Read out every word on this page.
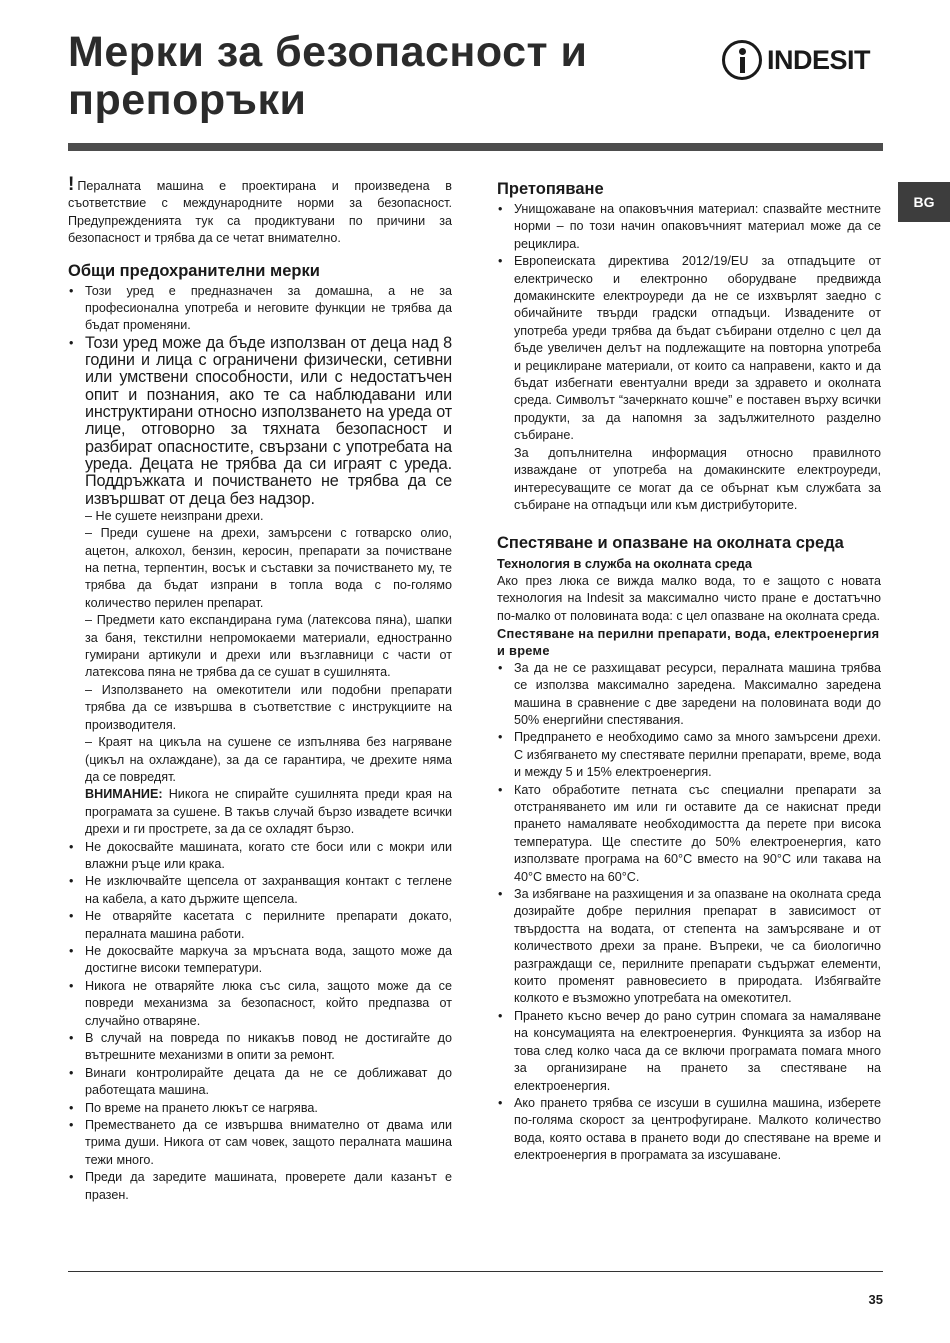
Мерки за безопасност и препоръки
INDESIT
BG

! Пералната машина е проектирана и произведена в съответствие с международните норми за безопасност. Предупрежденията тук са продиктувани по причини за безопасност и трябва да се четат внимателно.

Общи предохранителни мерки
• Този уред е предназначен за домашна, а не за професионална употреба и неговите функции не трябва да бъдат променяни.
• Този уред може да бъде използван от деца над 8 години и лица с ограничени физически, сетивни или умствени способности, или с недостатъчен опит и познания, ако те са наблюдавани или инструктирани относно използването на уреда от лице, отговорно за тяхната безопасност и разбират опасностите, свързани с употребата на уреда. Децата не трябва да си играят с уреда. Поддръжката и почистването не трябва да се извършват от деца без надзор.

– Не сушете неизпрани дрехи.

– Преди сушене на дрехи, замърсени с готварско олио, ацетон, алкохол, бензин, керосин, препарати за почистване на петна, терпентин, восък и съставки за почистването му, те трябва да бъдат изпрани в топла вода с по-голямо количество перилен препарат.

– Предмети като експандирана гума (латексова пяна), шапки за баня, текстилни непромокаеми материали, едностранно гумирани артикули и дрехи или възглавници с части от латексова пяна не трябва да се сушат в сушилнята.

– Използването на омекотители или подобни препарати трябва да се извършва в съответствие с инструкциите на производителя.

– Краят на цикъла на сушене се изпълнява без нагряване (цикъл на охлаждане), за да се гарантира, че дрехите няма да се повредят.

ВНИМАНИЕ: Никога не спирайте сушилнята преди края на програмата за сушене. В такъв случай бързо извадете всички дрехи и ги прострете, за да се охладят бързо.

• Не докосвайте машината, когато сте боси или с мокри или влажни ръце или крака.
• Не изключвайте щепсела от захранващия контакт с теглене на кабела, а като държите щепсела.
• Не отваряйте касетата с перилните препарати докато, пералната машина работи.
• Не докосвайте маркуча за мръсната вода, защото може да достигне високи температури.
• Никога не отваряйте люка със сила, защото може да се повреди механизма за безопасност, който предпазва от случайно отваряне.
• В случай на повреда по никакъв повод не достигайте до вътрешните механизми в опити за ремонт.
• Винаги контролирайте децата да не се доближават до работещата машина.
• По време на прането люкът се нагрява.
• Преместването да се извършва внимателно от двама или трима души. Никога от сам човек, защото пералната машина тежи много.
• Преди да заредите машината, проверете дали казанът е празен.
Претопяване
• Унищожаване на опаковъчния материал: спазвайте местните норми – по този начин опаковъчният материал може да се рециклира.
• Европеиската директива 2012/19/EU за отпадъците от електрическо и електронно оборудване предвижда домакинските електроуреди да не се изхвърлят заедно с обичайните твърди градски отпадъци. Извадените от употреба уреди трябва да бъдат събирани отделно с цел да бъде увеличен делът на подлежащите на повторна употреба и рециклиране материали, от които са направени, както и да бъдат избегнати евентуални вреди за здравето и околната среда. Символът “зачеркнато кошче” е поставен върху всички продукти, за да напомня за задължителното разделно събиране.

За допълнителна информация относно правилното изваждане от употреба на домакинските електроуреди, интересуващите се могат да се обърнат към службата за събиране на отпадъци или към дистрибуторите.

Спестяване и опазване на околната среда
Технология в служба на околната среда

Ако през люка се вижда малко вода, то е защото с новата технология на Indesit за максимално чисто пране е достатъчно по-малко от половината вода: с цел опазване на околната среда.

Спестяване на перилни препарати, вода, електроенергия и време
• За да не се разхищават ресурси, пералната машина трябва се използва максимално заредена. Максимално заредена машина в сравнение с две заредени на половината води до 50% енергийни спестявания.
• Предпрането е необходимо само за много замърсени дрехи. С избягването му спестявате перилни препарати, време, вода и между 5 и 15% електроенергия.
• Като обработите петната със специални препарати за отстраняването им или ги оставите да се накиснат преди прането намалявате необходимостта да перете при висока температура. Ще спестите до 50% електроенергия, като използвате програма на 60°C вместо на 90°C или такава на 40°C вместо на 60°C.
• За избягване на разхищения и за опазване на околната среда дозирайте добре перилния препарат в зависимост от твърдостта на водата, от степента на замърсяване и от количеството дрехи за пране. Въпреки, че са биологично разграждащи се, перилните препарати съдържат елементи, които променят равновесието в природата. Избягвайте колкото е възможно употребата на омекотител.
• Прането късно вечер до рано сутрин спомага за намаляване на консумацията на електроенергия. Функцията за избор на това след колко часа да се включи програмата помага много за организиране на прането за спестяване на електроенергия.
• Ако прането трябва се изсуши в сушилна машина, изберете по-голяма скорост за центрофугиране. Малкото количество вода, която остава в прането води до спестяване на време и електроенергия в програмата за изсушаване.
35
